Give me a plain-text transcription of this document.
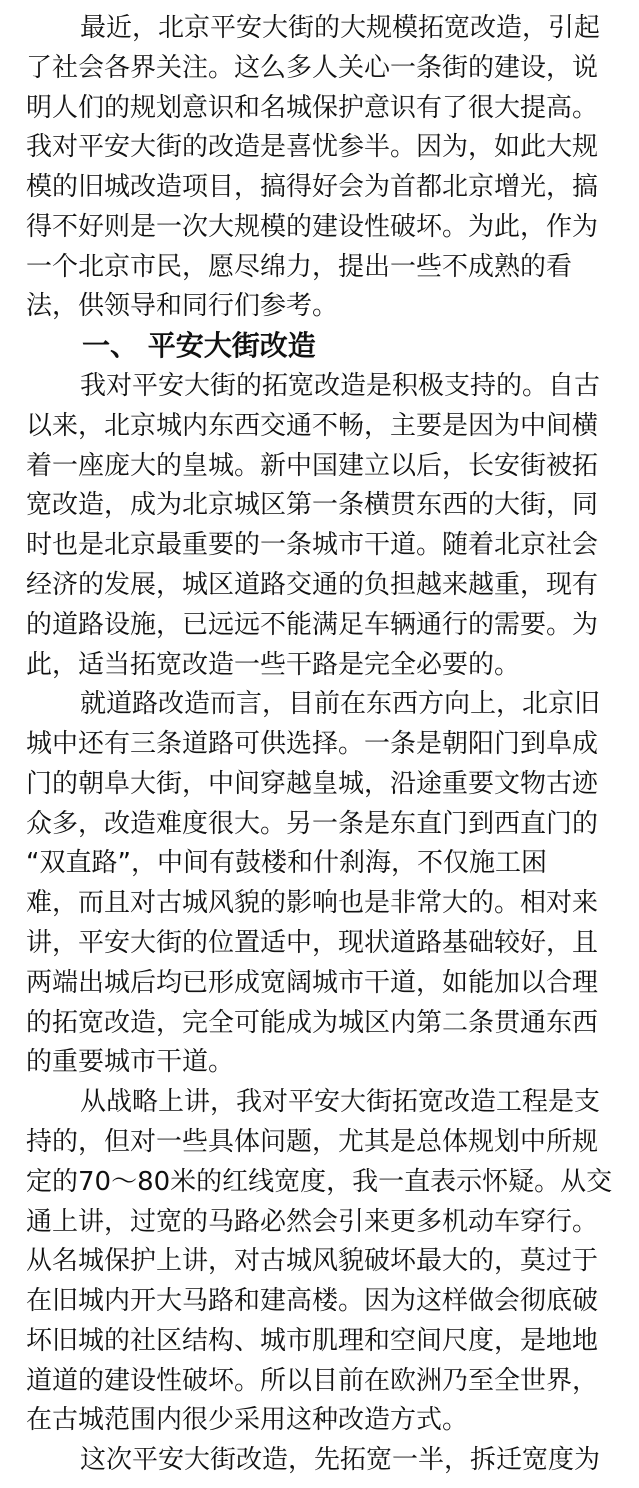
最近，北京平安大街的大规模拓宽改造，引起
了社会各界关注。这么多人关心一条街的建设，说
明人们的规划意识和名城保护意识有了很大提高。
我对平安大街的改造是喜忧参半。因为，如此大规
模的旧城改造项目，搞得好会为首都北京增光，搞
得不好则是一次大规模的建设性破坏。为此，作为
一个北京市民，愿尽绵力，提出一些不成熟的看
法，供领导和同行们参考。
一、 平安大街改造
我对平安大街的拓宽改造是积极支持的。自古
以来，北京城内东西交通不畅，主要是因为中间横
着一座庞大的皇城。新中国建立以后，长安街被拓
宽改造，成为北京城区第一条横贯东西的大街，同
时也是北京最重要的一条城市干道。随着北京社会
经济的发展，城区道路交通的负担越来越重，现有
的道路设施，已远远不能满足车辆通行的需要。为
此，适当拓宽改造一些干路是完全必要的。
就道路改造而言，目前在东西方向上，北京旧
城中还有三条道路可供选择。一条是朝阳门到阜成
门的朝阜大街，中间穿越皇城，沿途重要文物古迹
众多，改造难度很大。另一条是东直门到西直门的
“双直路”，中间有鼓楼和什刹海，不仅施工困
难，而且对古城风貌的影响也是非常大的。相对来
讲，平安大街的位置适中，现状道路基础较好，且
两端出城后均已形成宽阔城市干道，如能加以合理
的拓宽改造，完全可能成为城区内第二条贯通东西
的重要城市干道。
从战略上讲，我对平安大街拓宽改造工程是支
持的，但对一些具体问题，尤其是总体规划中所规
定的70～80米的红线宽度，我一直表示怀疑。从交
通上讲，过宽的马路必然会引来更多机动车穿行。
从名城保护上讲，对古城风貌破坏最大的，莫过于
在旧城内开大马路和建高楼。因为这样做会彻底破
坏旧城的社区结构、城市肌理和空间尺度，是地地
道道的建设性破坏。所以目前在欧洲乃至全世界，
在古城范围内很少采用这种改造方式。
这次平安大街改造，先拓宽一半，拆迁宽度为
